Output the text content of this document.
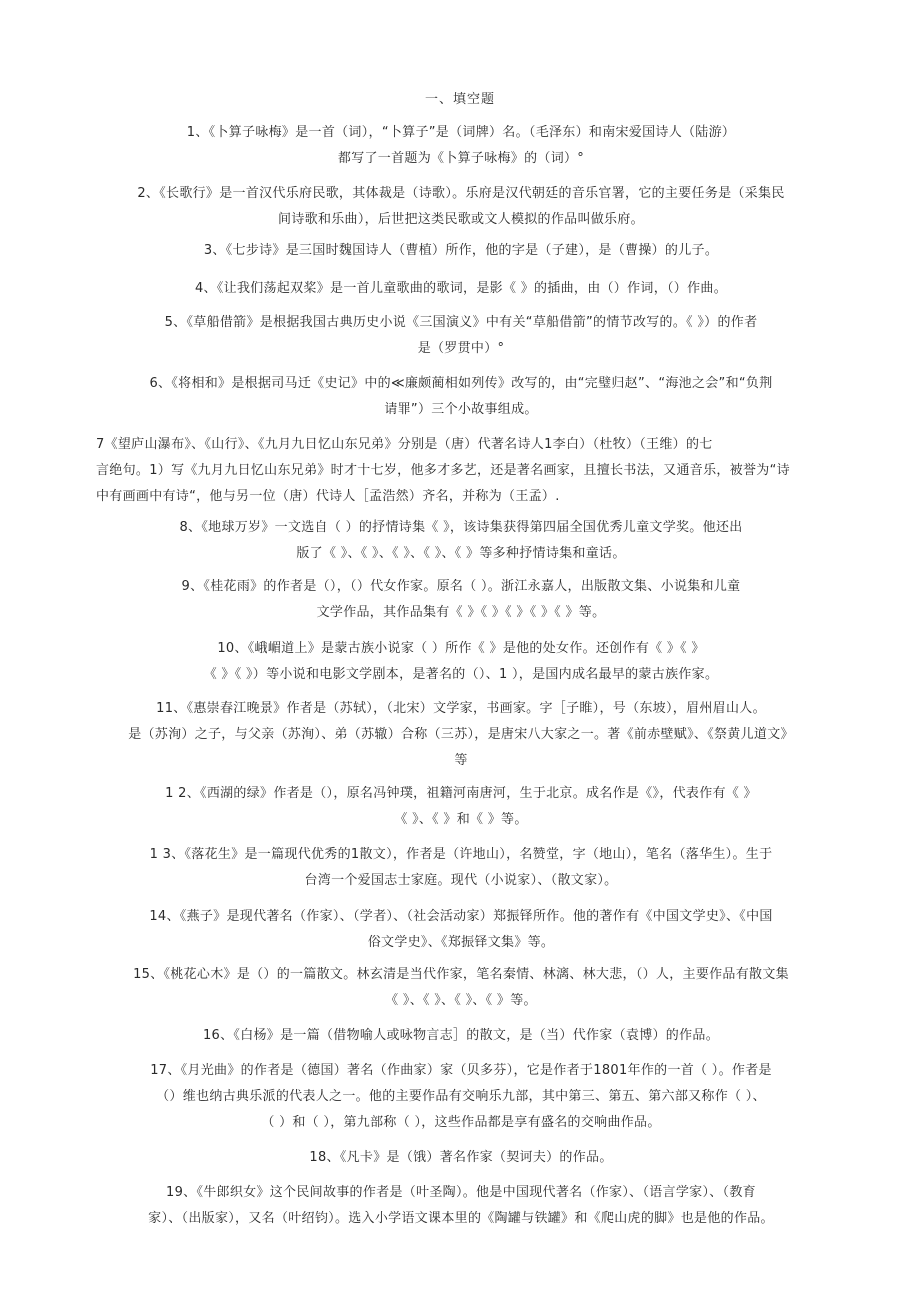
一、填空题
1、《卜算子咏梅》是一首（词），“卜算子”是（词牌）名。（毛泽东）和南宋爱国诗人（陆游）
都写了一首题为《卜算子咏梅》的（词）°
2、《长歌行》是一首汉代乐府民歌，其体裁是（诗歌）。乐府是汉代朝廷的音乐官署，它的主要任务是（采集民
间诗歌和乐曲），后世把这类民歌或文人模拟的作品叫做乐府。
3、《七步诗》是三国时魏国诗人（曹植）所作，他的字是（子建），是（曹操）的儿子。
4、《让我们荡起双桨》是一首儿童歌曲的歌词，是影《 》的插曲，由（）作词，（）作曲。
5、《草船借箭》是根据我国古典历史小说《三国演义》中有关“草船借箭”的情节改写的。《 》）的作者
是（罗贯中）°
6、《将相和》是根据司马迁《史记》中的≪廉颇蔺相如列传》改写的，由“完璧归赵”、“海池之会”和“负荆
请罪”）三个小故事组成。
7《望庐山瀑布》、《山行》、《九月九日忆山东兄弟》分别是（唐）代著名诗人1李白）（杜牧）（王维）的七
言绝句。1）写《九月九日忆山东兄弟》时才十七岁，他多才多艺，还是著名画家，且擅长书法，又通音乐，被誉为“诗
中有画画中有诗“，他与另一位（唐）代诗人［孟浩然）齐名，并称为（王孟）.
8、《地球万岁》一文选自（ ）的抒情诗集《 》，该诗集获得第四届全国优秀儿童文学奖。他还出
版了《 》、《 》、《 》、《 》、《 》等多种抒情诗集和童话。
9、《桂花雨》的作者是（），（）代女作家。原名（ ）。浙江永嘉人，出版散文集、小说集和儿童
文学作品，其作品集有《 》《 》《 》《 》《 》等。
10、《峨嵋道上》是蒙古族小说家（ ）所作《 》是他的处女作。还创作有《 》《 》
《 》《 》）等小说和电影文学剧本，是著名的（）、1 ），是国内成名最早的蒙古族作家。
11、《惠崇春江晚景》作者是（苏轼），（北宋）文学家，书画家。字［子睢），号（东坡），眉州眉山人。
是（苏洵）之子，与父亲（苏洵）、弟（苏辙）合称（三苏），是唐宋八大家之一。著《前赤壁赋》、《祭黄儿道文》
等
1 2、《西湖的绿》作者是（），原名冯钟璞，祖籍河南唐河，生于北京。成名作是《》，代表作有《 》
《 》、《 》和《 》等。
1 3、《落花生》是一篇现代优秀的1散文），作者是（许地山），名赞堂，字（地山），笔名（落华生）。生于
台湾一个爱国志士家庭。现代（小说家）、（散文家）。
14、《燕子》是现代著名（作家）、（学者）、（社会活动家）郑振铎所作。他的著作有《中国文学史》、《中国
俗文学史》、《郑振铎文集》等。
15、《桃花心木》是（）的一篇散文。林玄清是当代作家，笔名秦情、林漓、林大悲，（）人，主要作品有散文集
《 》、《 》、《 》、《 》等。
16、《白杨》是一篇（借物喻人或咏物言志］的散文，是（当）代作家（袁博）的作品。
17、《月光曲》的作者是（德国）著名（作曲家）家（贝多芬），它是作者于1801年作的一首（ ）。作者是
（）维也纳古典乐派的代表人之一。他的主要作品有交响乐九部，其中第三、第五、第六部又称作（ ）、
（ ）和（ ），第九部称（ ），这些作品都是享有盛名的交响曲作品。
18、《凡卡》是（饿）著名作家（契诃夫）的作品。
19、《牛郎织女》这个民间故事的作者是（叶圣陶）。他是中国现代著名（作家）、（语言学家）、（教育
家）、（出版家），又名（叶绍钧）。选入小学语文课本里的《陶罐与铁罐》和《爬山虎的脚》也是他的作品。
